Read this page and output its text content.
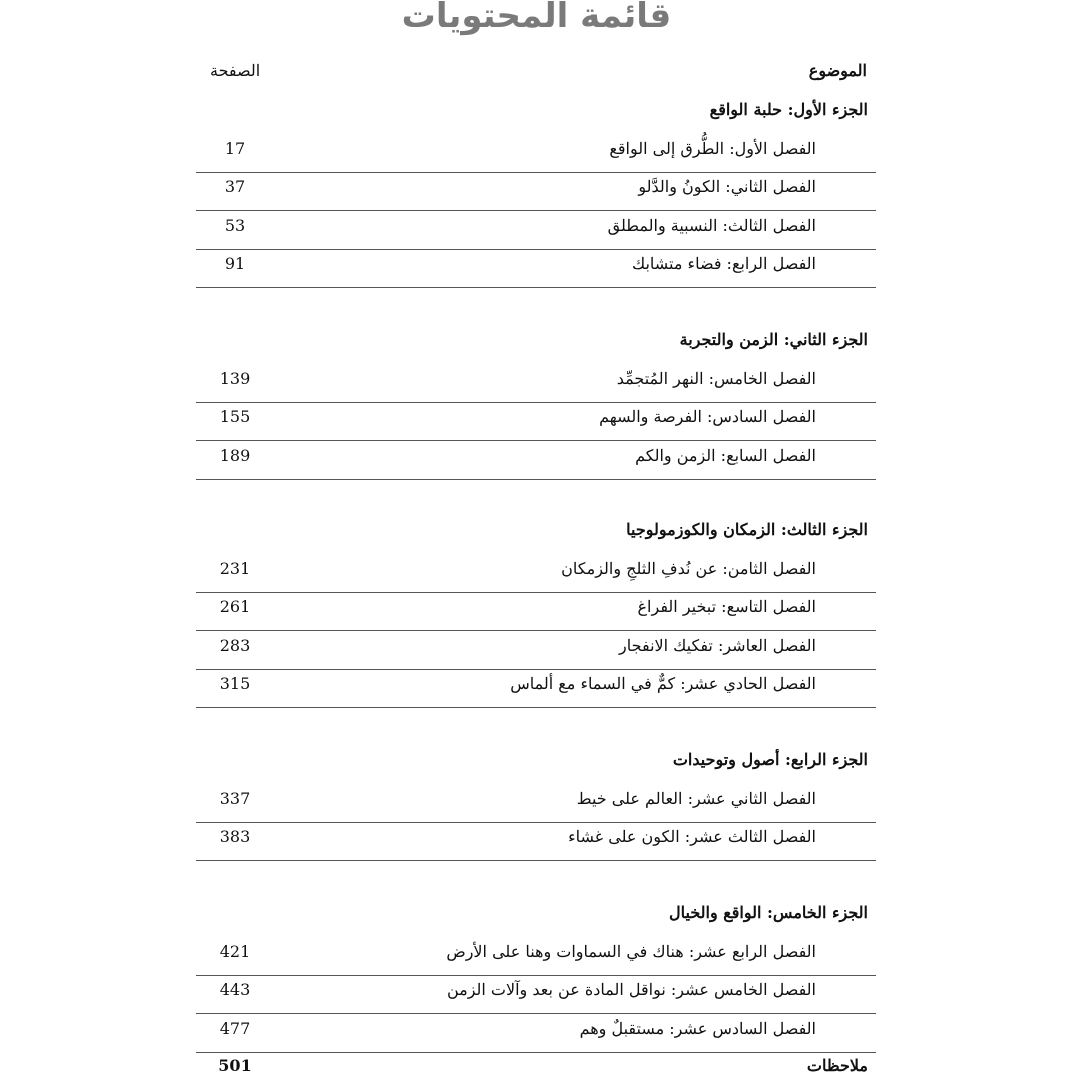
قائمة المحتويات
الموضوع
الصفحة
الجزء الأول: حلبة الواقع
الفصل الأول: الطُّرق إلى الواقع
17
الفصل الثاني: الكونُ والدَّلو
37
الفصل الثالث: النسبية والمطلق
53
الفصل الرابع: فضاء متشابك
91
الجزء الثاني: الزمن والتجربة
الفصل الخامس: النهر المُتجمِّد
139
الفصل السادس: الفرصة والسهم
155
الفصل السابع: الزمن والكم
189
الجزء الثالث: الزمكان والكوزمولوجيا
الفصل الثامن: عن نُدفِ الثلجِ والزمكان
231
الفصل التاسع: تبخير الفراغ
261
الفصل العاشر: تفكيك الانفجار
283
الفصل الحادي عشر: كمٌّ في السماء مع ألماس
315
الجزء الرابع: أصول وتوحيدات
الفصل الثاني عشر: العالم على خيط
337
الفصل الثالث عشر: الكون على غشاء
383
الجزء الخامس: الواقع والخيال
الفصل الرابع عشر: هناك في السماوات وهنا على الأرض
421
الفصل الخامس عشر: نواقل المادة عن بعد وآلات الزمن
443
الفصل السادس عشر: مستقبلٌ وهم
477
ملاحظات
501
